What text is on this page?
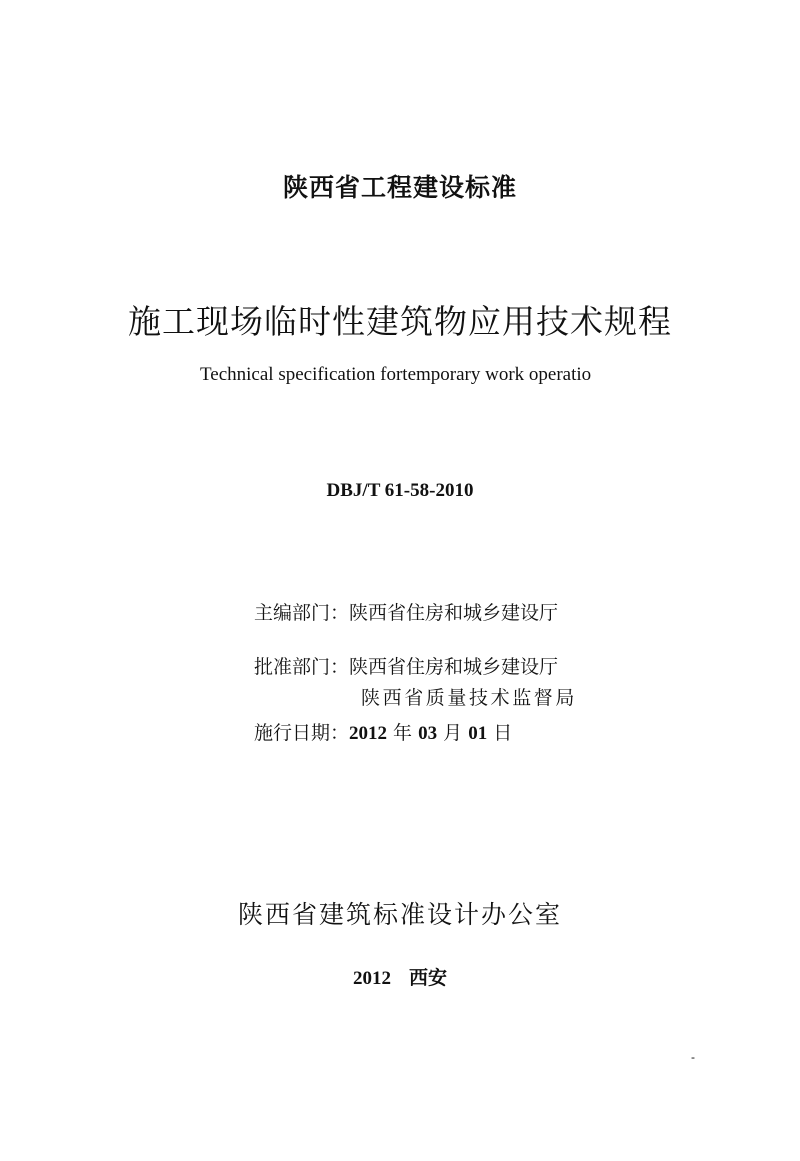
陕西省工程建设标准
施工现场临时性建筑物应用技术规程
Technical specification fortemporary work operatio
DBJ/T 61-58-2010
主编部门：陕西省住房和城乡建设厅
批准部门：陕西省住房和城乡建设厅
陕西省质量技术监督局
施行日期：2012 年 03 月 01 日
陕西省建筑标准设计办公室
2012 西安
-
